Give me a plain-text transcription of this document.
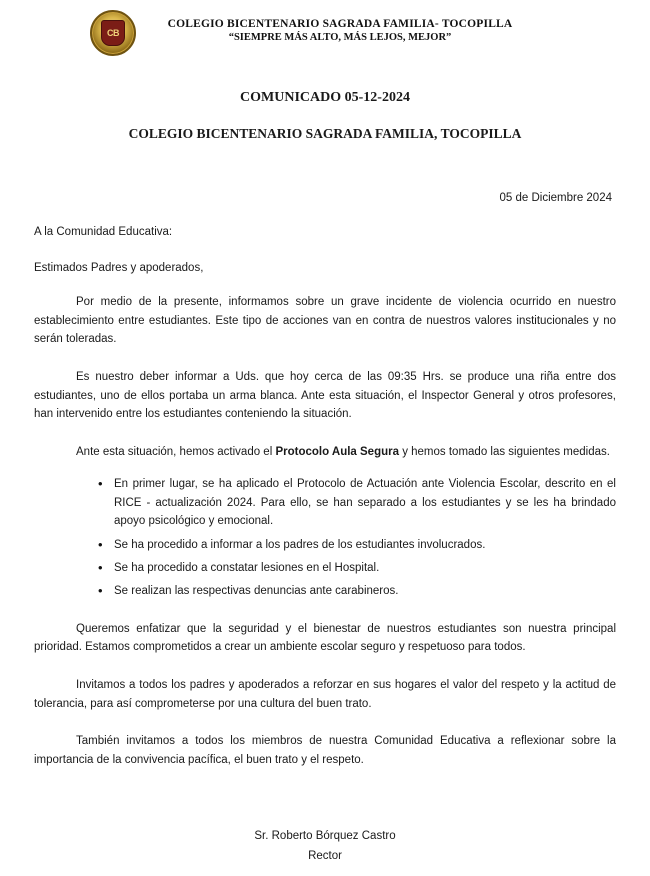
CB
COLEGIO BICENTENARIO SAGRADA FAMILIA- TOCOPILLA
“SIEMPRE MÁS ALTO, MÁS LEJOS, MEJOR”
COMUNICADO 05-12-2024
COLEGIO BICENTENARIO SAGRADA FAMILIA, TOCOPILLA
05 de Diciembre 2024
A la Comunidad Educativa:
Estimados Padres y apoderados,

Por medio de la presente, informamos sobre un grave incidente de violencia ocurrido en nuestro establecimiento entre estudiantes. Este tipo de acciones van en contra de nuestros valores institucionales y no serán toleradas.

Es nuestro deber informar a Uds. que hoy cerca de las 09:35 Hrs. se produce una riña entre dos estudiantes, uno de ellos portaba un arma blanca. Ante esta situación, el Inspector General y otros profesores, han intervenido entre los estudiantes conteniendo la situación.

Ante esta situación, hemos activado el Protocolo Aula Segura y hemos tomado las siguientes medidas.

• En primer lugar, se ha aplicado el Protocolo de Actuación ante Violencia Escolar, descrito en el RICE - actualización 2024. Para ello, se han separado a los estudiantes y se les ha brindado apoyo psicológico y emocional.
• Se ha procedido a informar a los padres de los estudiantes involucrados.
• Se ha procedido a constatar lesiones en el Hospital.
• Se realizan las respectivas denuncias ante carabineros.

Queremos enfatizar que la seguridad y el bienestar de nuestros estudiantes son nuestra principal prioridad. Estamos comprometidos a crear un ambiente escolar seguro y respetuoso para todos.

Invitamos a todos los padres y apoderados a reforzar en sus hogares el valor del respeto y la actitud de tolerancia, para así comprometerse por una cultura del buen trato.

También invitamos a todos los miembros de nuestra Comunidad Educativa a reflexionar sobre la importancia de la convivencia pacífica, el buen trato y el respeto.

Sr. Roberto Bórquez Castro
Rector
